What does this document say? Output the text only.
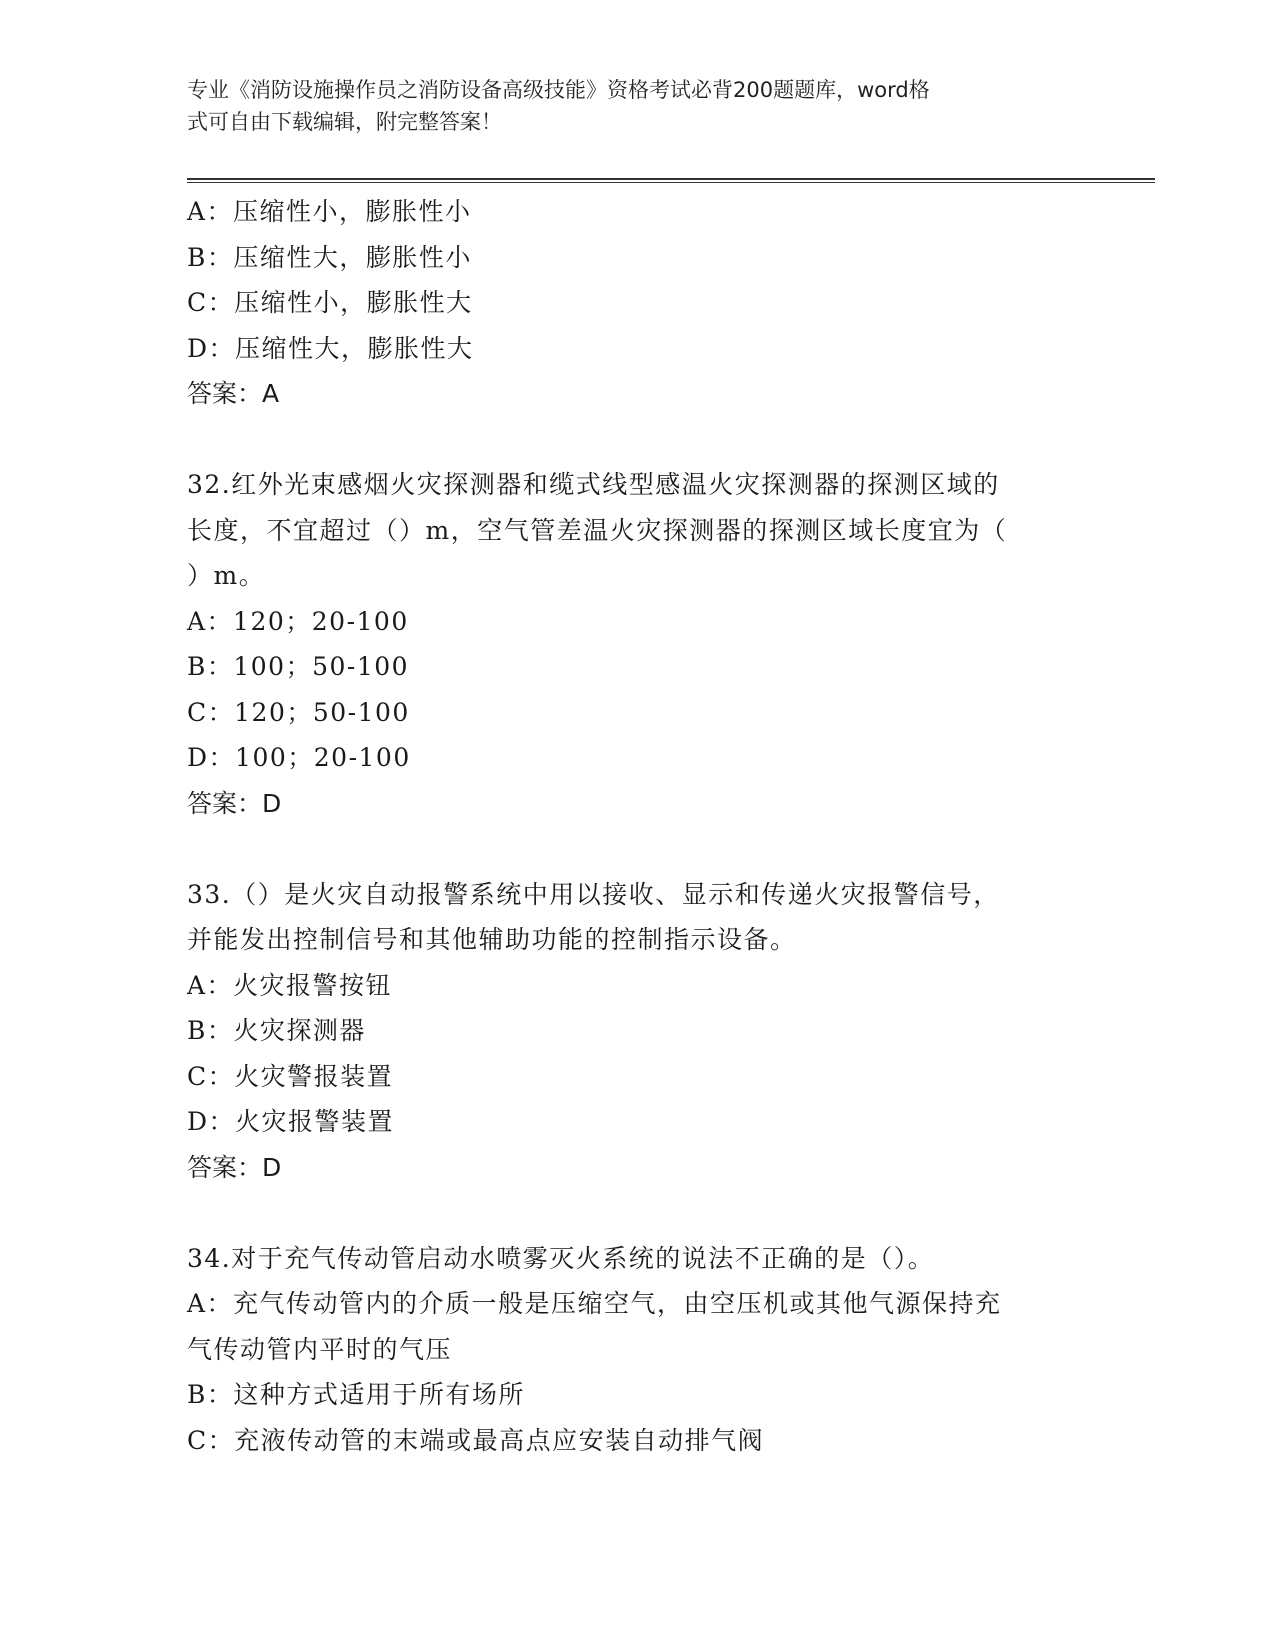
专业《消防设施操作员之消防设备高级技能》资格考试必背200题题库，word格
式可自由下载编辑，附完整答案！
A：压缩性小，膨胀性小
B：压缩性大，膨胀性小
C：压缩性小，膨胀性大
D：压缩性大，膨胀性大
答案：A
32.红外光束感烟火灾探测器和缆式线型感温火灾探测器的探测区域的
长度，不宜超过（）m，空气管差温火灾探测器的探测区域长度宜为（
）m。
A：120；20-100
B：100；50-100
C：120；50-100
D：100；20-100
答案：D
33.（）是火灾自动报警系统中用以接收、显示和传递火灾报警信号，
并能发出控制信号和其他辅助功能的控制指示设备。
A：火灾报警按钮
B：火灾探测器
C：火灾警报装置
D：火灾报警装置
答案：D
34.对于充气传动管启动水喷雾灭火系统的说法不正确的是（）。
A：充气传动管内的介质一般是压缩空气，由空压机或其他气源保持充
气传动管内平时的气压
B：这种方式适用于所有场所
C：充液传动管的末端或最高点应安装自动排气阀
